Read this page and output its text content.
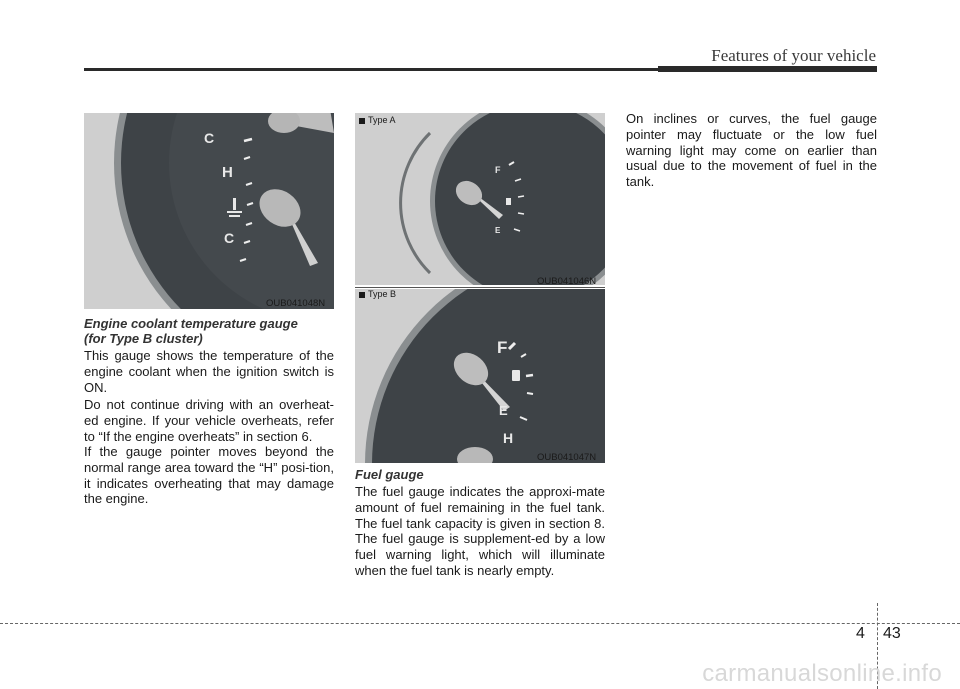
Features of your vehicle
H
C
C
OUB041048N
F
E
Type A
OUB041046N
F
E
H
Type B
OUB041047N
Engine coolant temperature gauge
(for Type B cluster)
This gauge shows the temperature of the engine coolant when the ignition switch is ON.
Do not continue driving with an overheat-ed engine. If your vehicle overheats, refer to “If the engine overheats” in section 6.
If the gauge pointer moves beyond the normal range area toward the “H” posi-tion, it indicates overheating that may damage the engine.
Fuel gauge
The fuel gauge indicates the approxi-mate amount of fuel remaining in the fuel tank. The fuel tank capacity is given in section 8. The fuel gauge is supplement-ed by a low fuel warning light, which will illuminate when the fuel tank is nearly empty.
On inclines or curves, the fuel gauge pointer may fluctuate or the low fuel warning light may come on earlier than usual due to the movement of fuel in the tank.
4 43
carmanualsonline.info
